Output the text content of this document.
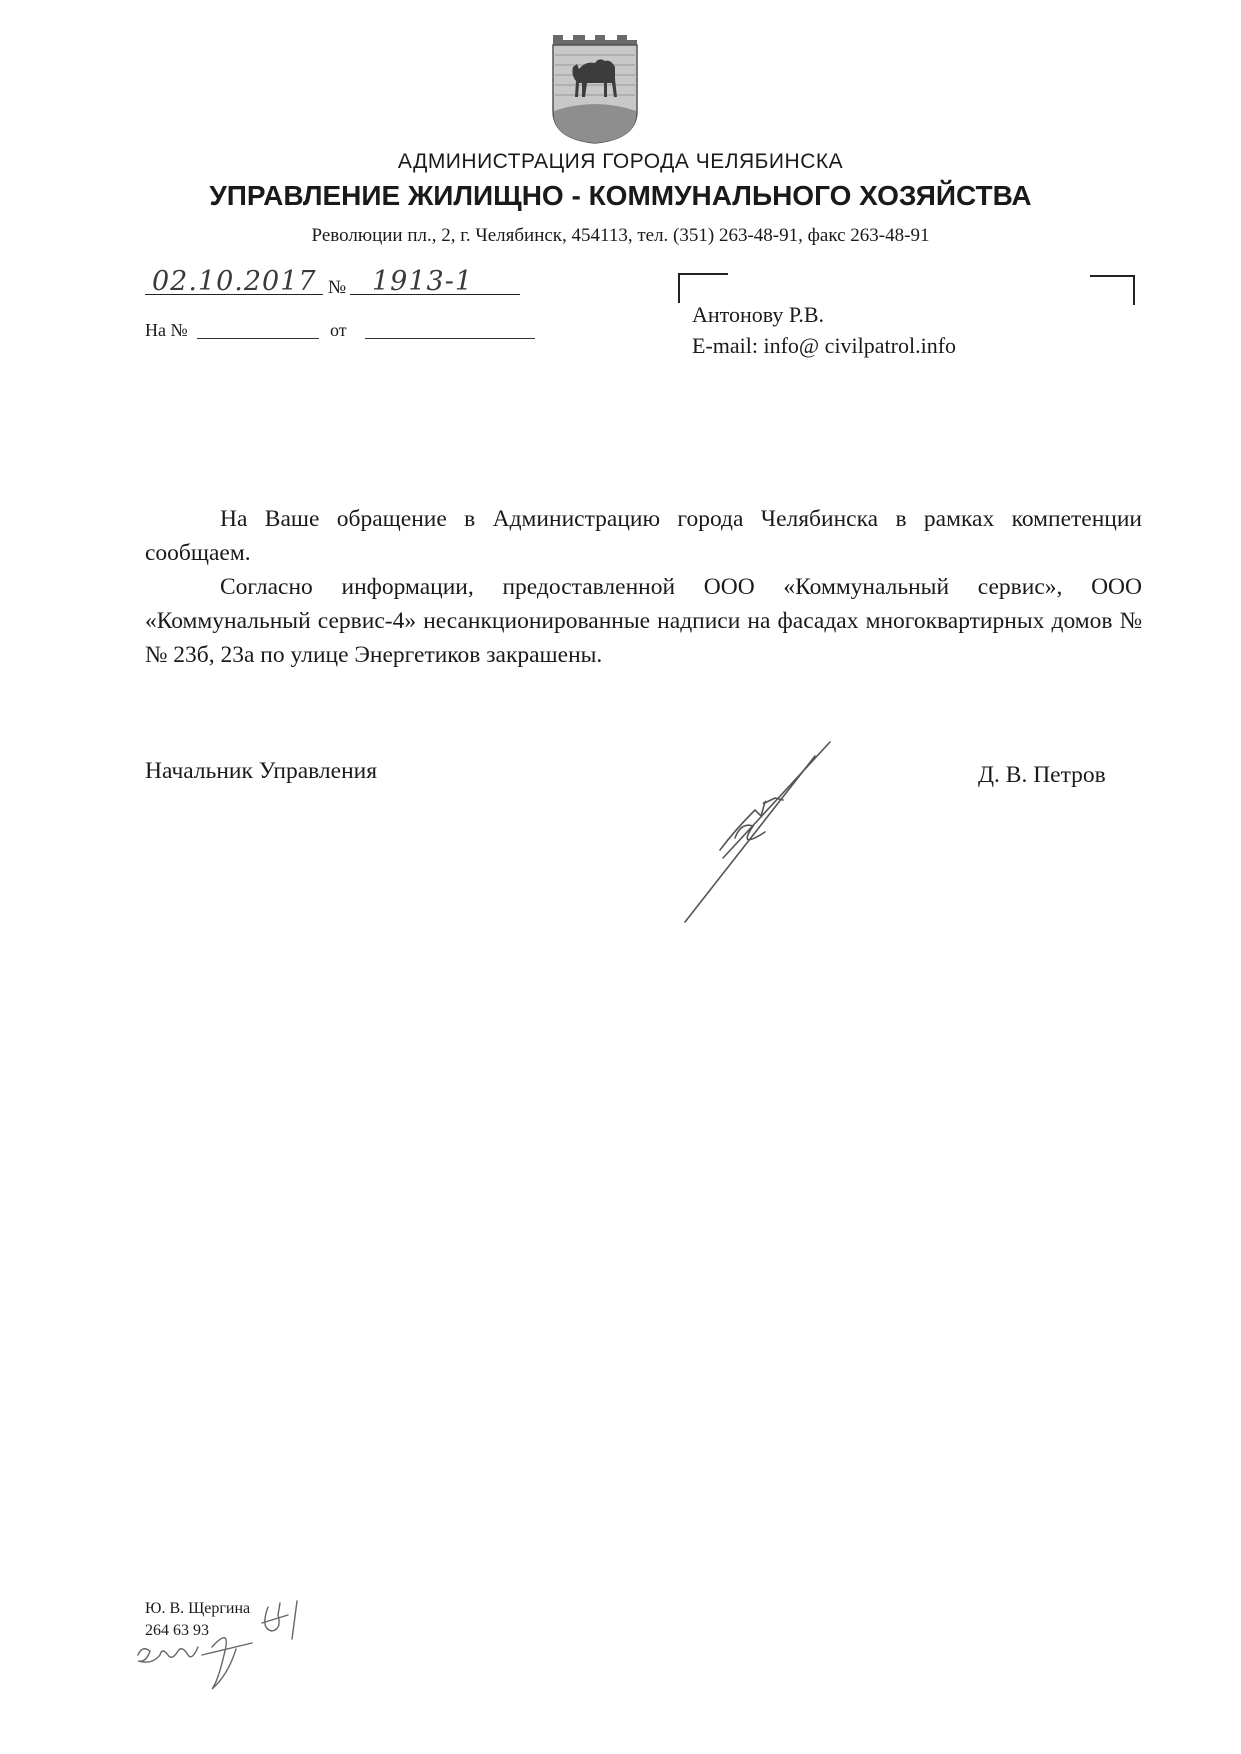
АДМИНИСТРАЦИЯ ГОРОДА ЧЕЛЯБИНСКА
УПРАВЛЕНИЕ ЖИЛИЩНО - КОММУНАЛЬНОГО ХОЗЯЙСТВА
Революции пл., 2, г. Челябинск, 454113, тел. (351) 263-48-91, факс 263-48-91
02.10.2017 № 1913-1
На №	от
Антонову Р.В.
E-mail: info@ civilpatrol.info
На Ваше обращение в Администрацию города Челябинска в рамках компетенции сообщаем.
Согласно информации, предоставленной ООО «Коммунальный сервис», ООО «Коммунальный сервис-4» несанкционированные надписи на фасадах многоквартирных домов №№ 23б, 23а по улице Энергетиков закрашены.
Начальник Управления	Д. В. Петров
Ю. В. Щергина
264 63 93
